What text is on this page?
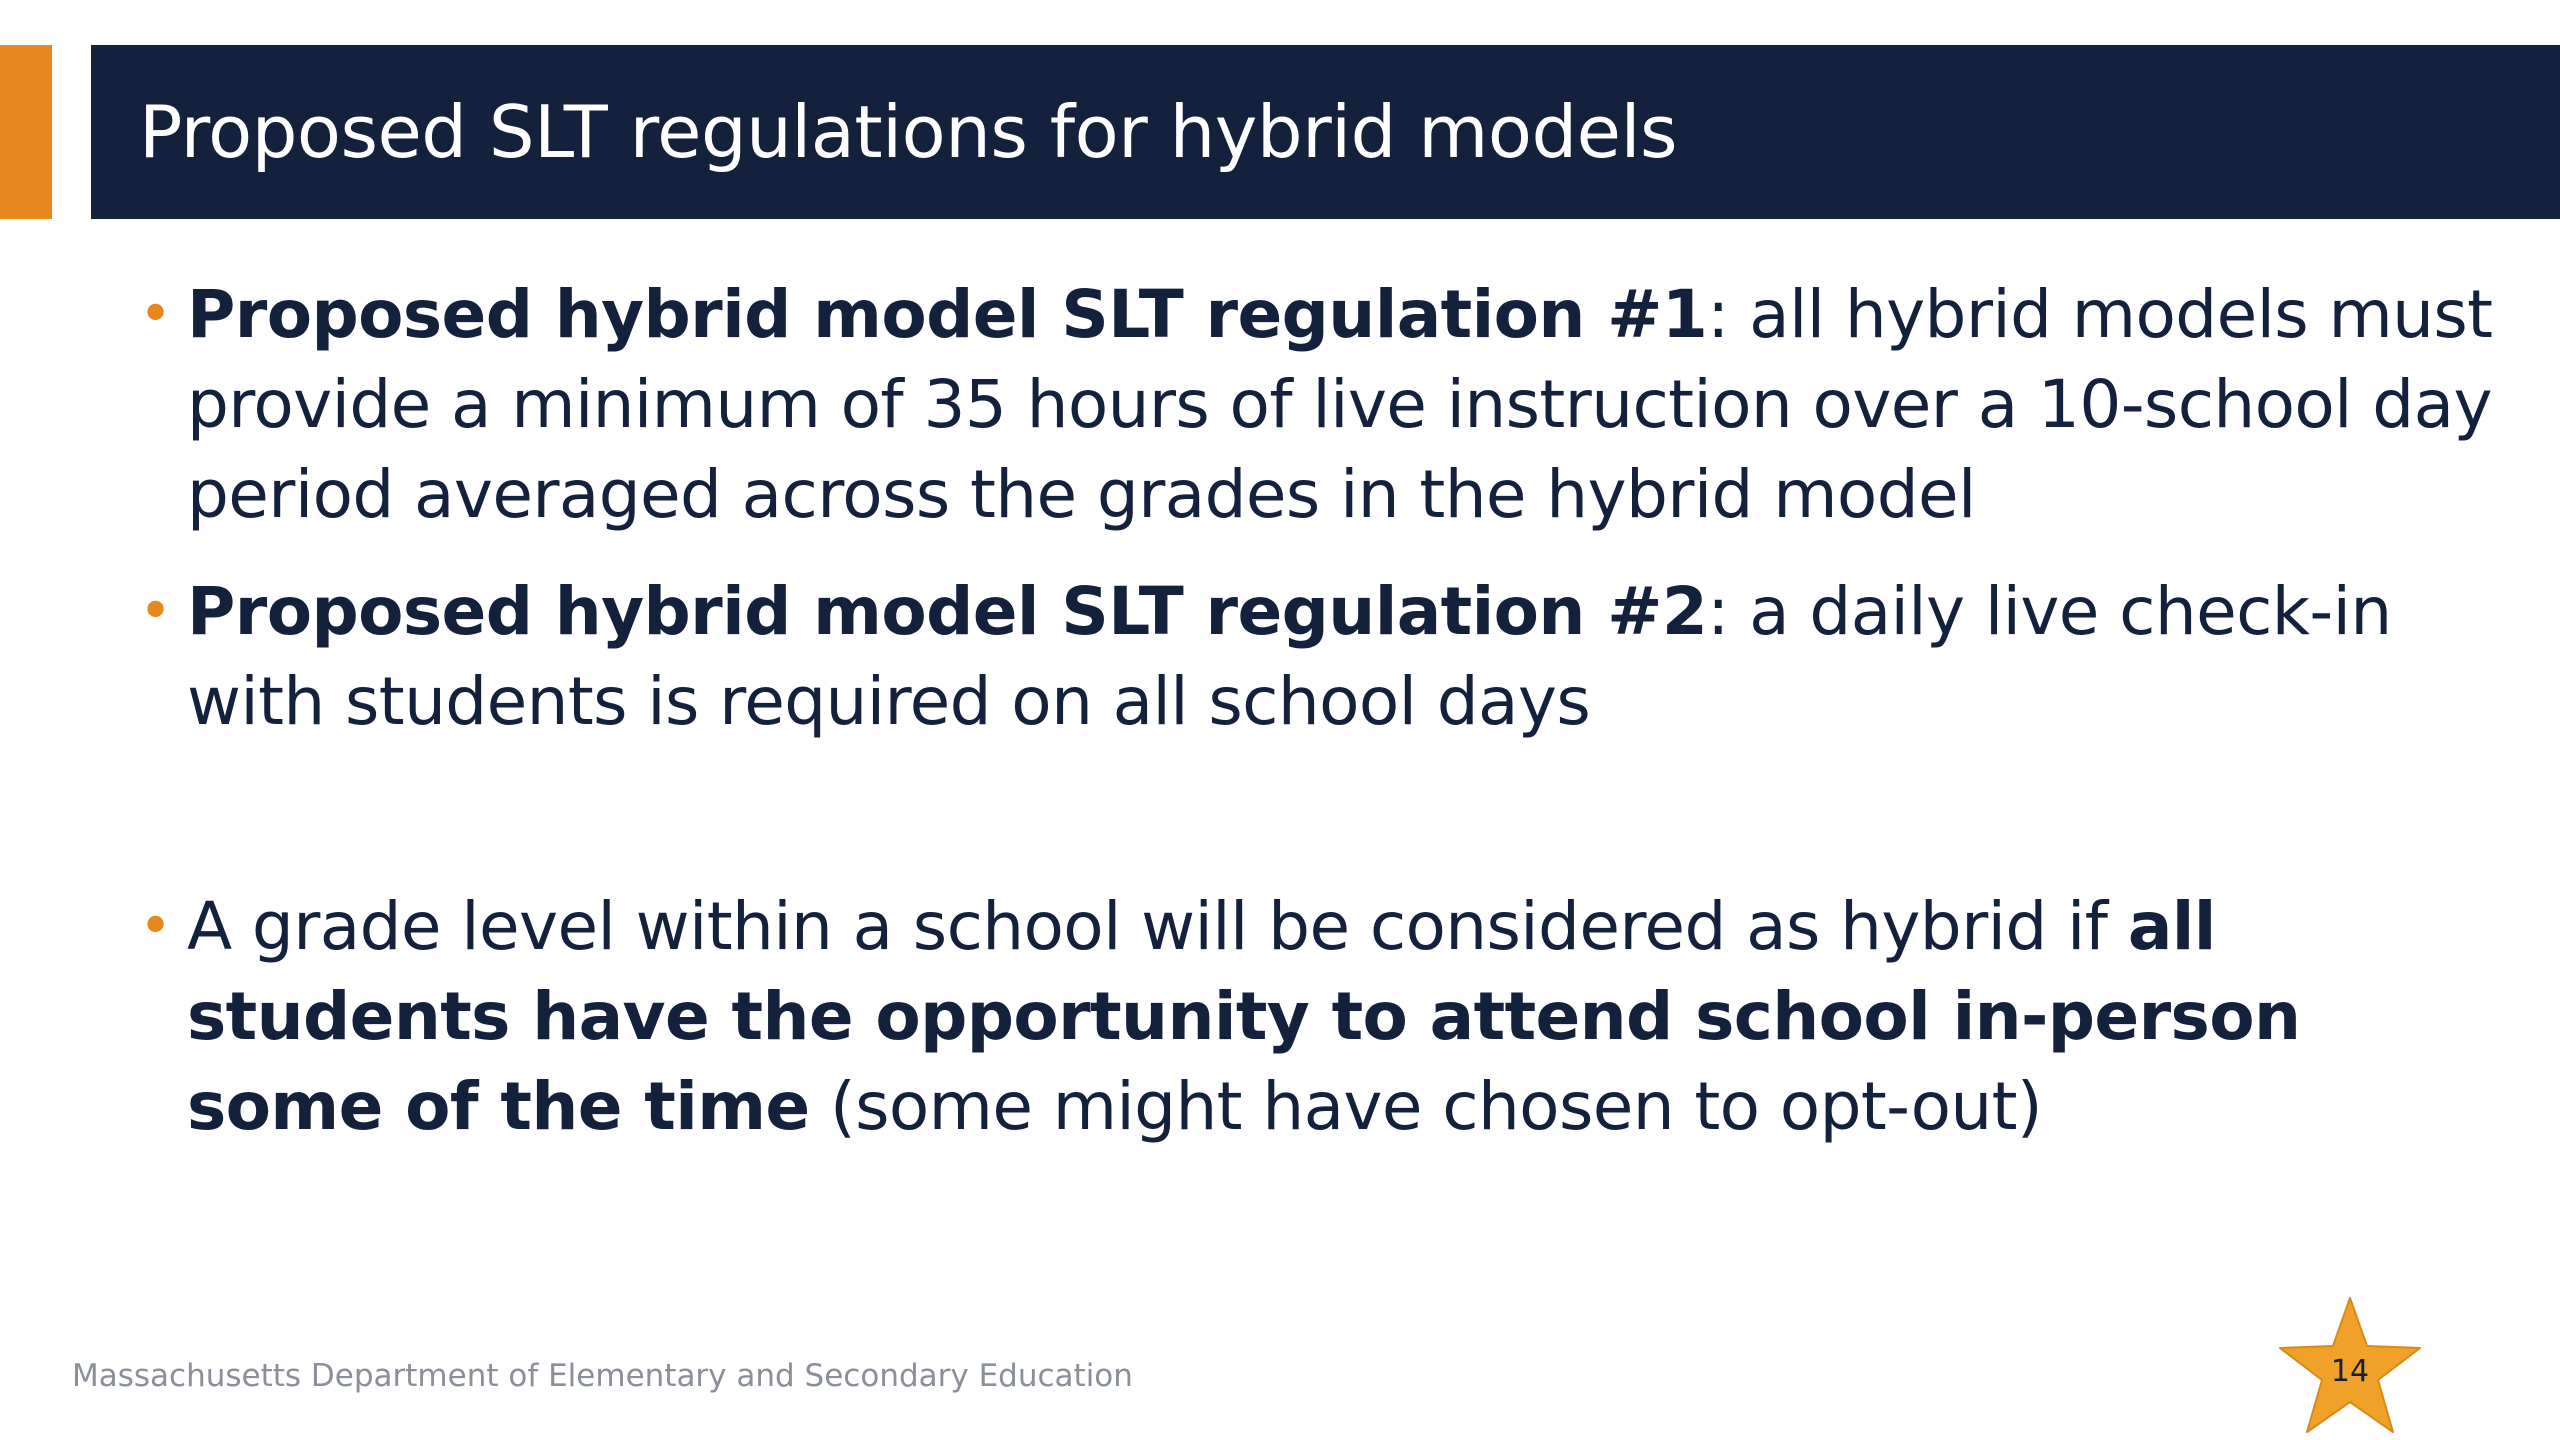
Proposed SLT regulations for hybrid models
• Proposed hybrid model SLT regulation #1: all hybrid models must provide a minimum of 35 hours of live instruction over a 10-school day period averaged across the grades in the hybrid model
• Proposed hybrid model SLT regulation #2: a daily live check-in with students is required on all school days
• A grade level within a school will be considered as hybrid if all students have the opportunity to attend school in-person some of the time (some might have chosen to opt-out)
Massachusetts Department of Elementary and Secondary Education	14
